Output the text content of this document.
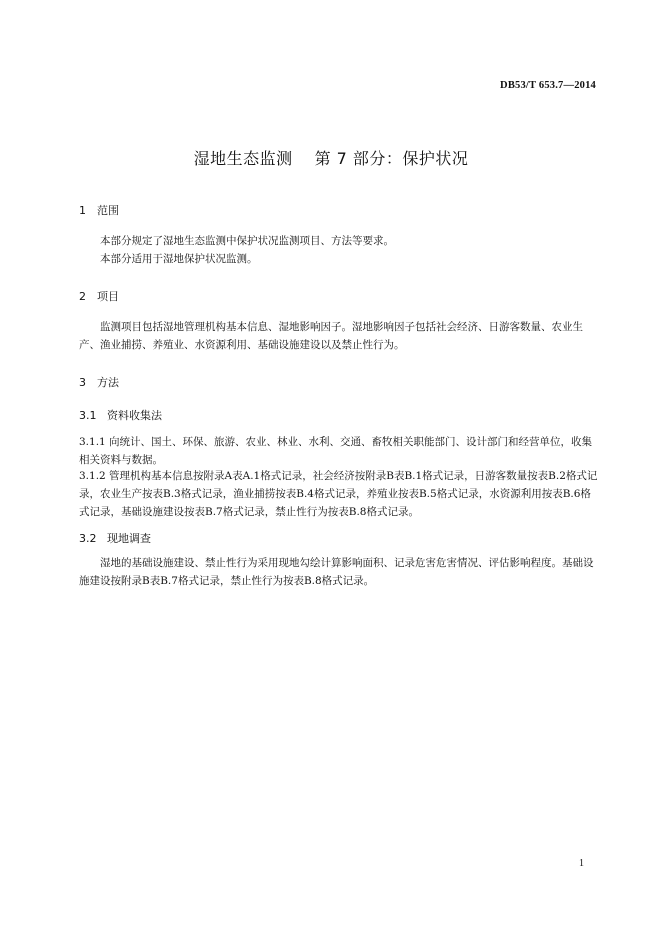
DB53/T 653.7—2014
湿地生态监测 第 7 部分：保护状况
1 范围
本部分规定了湿地生态监测中保护状况监测项目、方法等要求。
本部分适用于湿地保护状况监测。
2 项目
监测项目包括湿地管理机构基本信息、湿地影响因子。湿地影响因子包括社会经济、日游客数量、农业生产、渔业捕捞、养殖业、水资源利用、基础设施建设以及禁止性行为。
3 方法
3.1 资料收集法
3.1.1 向统计、国土、环保、旅游、农业、林业、水利、交通、畜牧相关职能部门、设计部门和经营单位，收集相关资料与数据。
3.1.2 管理机构基本信息按附录A表A.1格式记录，社会经济按附录B表B.1格式记录，日游客数量按表B.2格式记录，农业生产按表B.3格式记录，渔业捕捞按表B.4格式记录，养殖业按表B.5格式记录，水资源利用按表B.6格式记录，基础设施建设按表B.7格式记录，禁止性行为按表B.8格式记录。
3.2 现地调查
湿地的基础设施建设、禁止性行为采用现地勾绘计算影响面积、记录危害危害情况、评估影响程度。基础设施建设按附录B表B.7格式记录，禁止性行为按表B.8格式记录。
1
